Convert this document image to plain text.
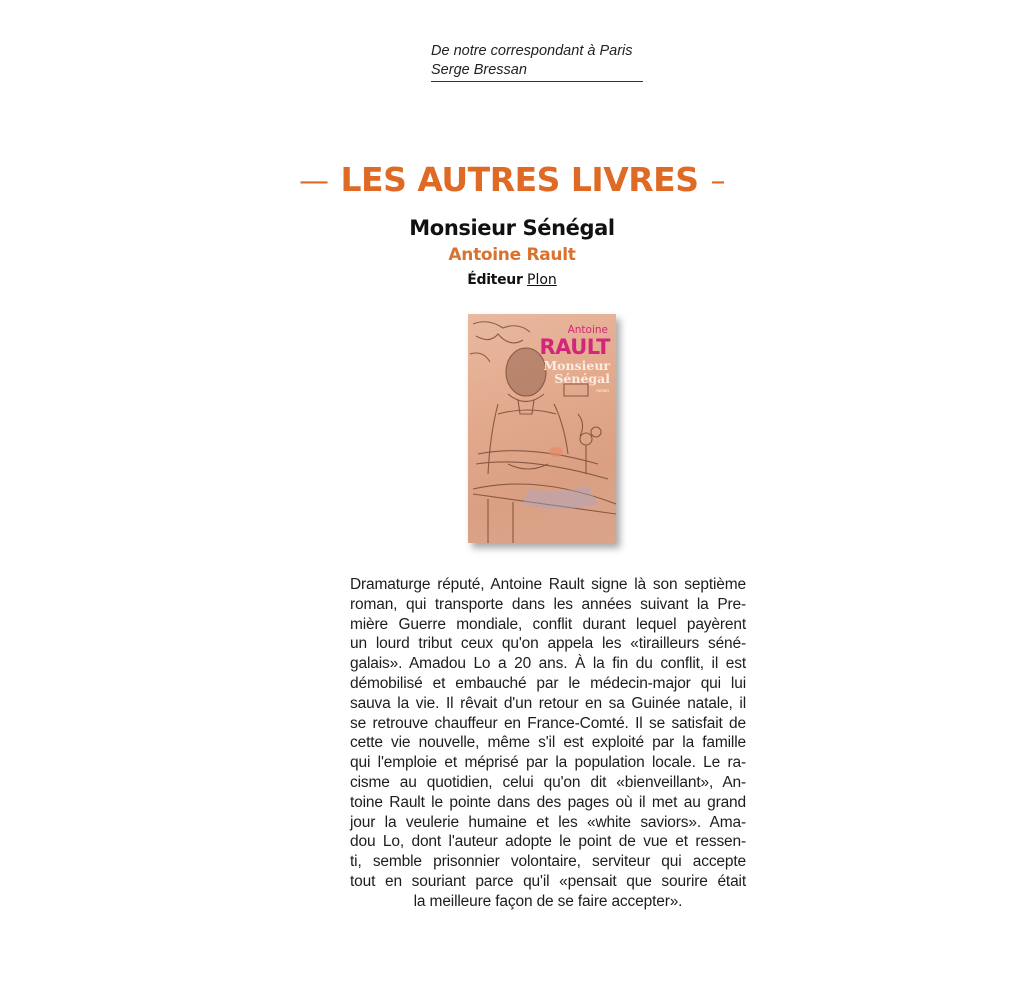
De notre correspondant à Paris
Serge Bressan
— LES AUTRES LIVRES –
Monsieur Sénégal
Antoine Rault
Éditeur Plon
Antoine
RAULT
Monsieur
Sénégal
roman
Dramaturge réputé, Antoine Rault signe là son septième
roman, qui transporte dans les années suivant la Pre-
mière Guerre mondiale, conflit durant lequel payèrent
un lourd tribut ceux qu'on appela les «tirailleurs séné-
galais». Amadou Lo a 20 ans. À la fin du conflit, il est
démobilisé et embauché par le médecin-major qui lui
sauva la vie. Il rêvait d'un retour en sa Guinée natale, il
se retrouve chauffeur en France-Comté. Il se satisfait de
cette vie nouvelle, même s'il est exploité par la famille
qui l'emploie et méprisé par la population locale. Le ra-
cisme au quotidien, celui qu'on dit «bienveillant», An-
toine Rault le pointe dans des pages où il met au grand
jour la veulerie humaine et les «white saviors». Ama-
dou Lo, dont l'auteur adopte le point de vue et ressen-
ti, semble prisonnier volontaire, serviteur qui accepte
tout en souriant parce qu'il «pensait que sourire était
la meilleure façon de se faire accepter».
